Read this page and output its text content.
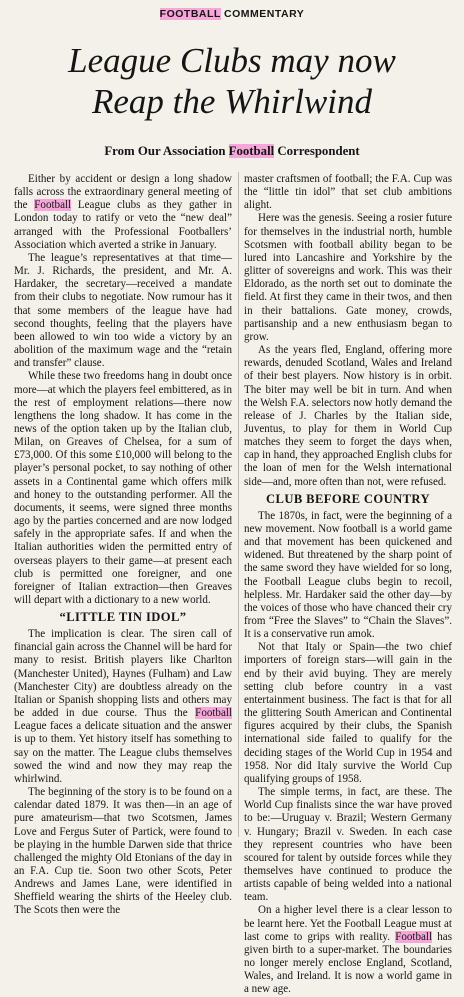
FOOTBALL COMMENTARY
League Clubs may now
Reap the Whirlwind
From Our Association Football Correspondent

Either by accident or design a long shadow falls across the extraordinary general meeting of the Football League clubs as they gather in London today to ratify or veto the “new deal” arranged with the Professional Footballers’ Association which averted a strike in January.

The league’s representatives at that time—Mr. J. Richards, the president, and Mr. A. Hardaker, the secretary—received a mandate from their clubs to negotiate. Now rumour has it that some members of the league have had second thoughts, feeling that the players have been allowed to win too wide a victory by an abolition of the maximum wage and the “retain and transfer” clause.

While these two freedoms hang in doubt once more—at which the players feel embittered, as in the rest of employment relations—there now lengthens the long shadow. It has come in the news of the option taken up by the Italian club, Milan, on Greaves of Chelsea, for a sum of £73,000. Of this some £10,000 will belong to the player’s personal pocket, to say nothing of other assets in a Continental game which offers milk and honey to the outstanding performer. All the documents, it seems, were signed three months ago by the parties concerned and are now lodged safely in the appropriate safes. If and when the Italian authorities widen the permitted entry of overseas players to their game—at present each club is permitted one foreigner, and one foreigner of Italian extraction—then Greaves will depart with a dictionary to a new world.

“LITTLE TIN IDOL”

The implication is clear. The siren call of financial gain across the Channel will be hard for many to resist. British players like Charlton (Manchester United), Haynes (Fulham) and Law (Manchester City) are doubtless already on the Italian or Spanish shopping lists and others may be added in due course. Thus the Football League faces a delicate situation and the answer is up to them. Yet history itself has something to say on the matter. The League clubs themselves sowed the wind and now they may reap the whirlwind.

The beginning of the story is to be found on a calendar dated 1879. It was then—in an age of pure amateurism—that two Scotsmen, James Love and Fergus Suter of Partick, were found to be playing in the humble Darwen side that thrice challenged the mighty Old Etonians of the day in an F.A. Cup tie. Soon two other Scots, Peter Andrews and James Lane, were identified in Sheffield wearing the shirts of the Heeley club. The Scots then were the

master craftsmen of football; the F.A. Cup was the “little tin idol” that set club ambitions alight.

Here was the genesis. Seeing a rosier future for themselves in the industrial north, humble Scotsmen with football ability began to be lured into Lancashire and Yorkshire by the glitter of sovereigns and work. This was their Eldorado, as the north set out to dominate the field. At first they came in their twos, and then in their battalions. Gate money, crowds, partisanship and a new enthusiasm began to grow.

As the years fled, England, offering more rewards, denuded Scotland, Wales and Ireland of their best players. Now history is in orbit. The biter may well be bit in turn. And when the Welsh F.A. selectors now hotly demand the release of J. Charles by the Italian side, Juventus, to play for them in World Cup matches they seem to forget the days when, cap in hand, they approached English clubs for the loan of men for the Welsh international side—and, more often than not, were refused.

CLUB BEFORE COUNTRY

The 1870s, in fact, were the beginning of a new movement. Now football is a world game and that movement has been quickened and widened. But threatened by the sharp point of the same sword they have wielded for so long, the Football League clubs begin to recoil, helpless. Mr. Hardaker said the other day—by the voices of those who have chanced their cry from “Free the Slaves” to “Chain the Slaves”. It is a conservative run amok.

Not that Italy or Spain—the two chief importers of foreign stars—will gain in the end by their avid buying. They are merely setting club before country in a vast entertainment business. The fact is that for all the glittering South American and Continental figures acquired by their clubs, the Spanish international side failed to qualify for the deciding stages of the World Cup in 1954 and 1958. Nor did Italy survive the World Cup qualifying groups of 1958.

The simple terms, in fact, are these. The World Cup finalists since the war have proved to be:—Uruguay v. Brazil; Western Germany v. Hungary; Brazil v. Sweden. In each case they represent countries who have been scoured for talent by outside forces while they themselves have continued to produce the artists capable of being welded into a national team.

On a higher level there is a clear lesson to be learnt here. Yet the Football League must at last come to grips with reality. Football has given birth to a super-market. The boundaries no longer merely enclose England, Scotland, Wales, and Ireland. It is now a world game in a new age.
